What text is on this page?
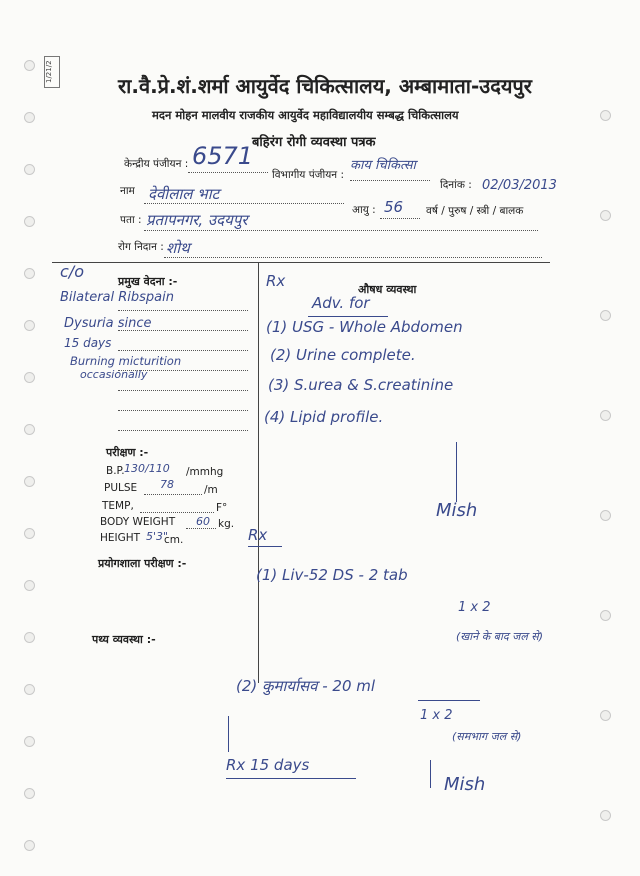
1/21/2
रा.वै.प्रे.शं.शर्मा आयुर्वेद चिकित्सालय, अम्बामाता-उदयपुर
मदन मोहन मालवीय राजकीय आयुर्वेद महाविद्यालयीय सम्बद्ध चिकित्सालय
बहिरंग रोगी व्यवस्था पत्रक
केन्द्रीय पंजीयन : 6571
विभागीय पंजीयन :
काय चिकित्सा
दिनांक : 02/03/2013
नाम देवीलाल भाट
आयु : 56 वर्ष / पुरुष / स्त्री / बालक
पता : प्रतापनगर, उदयपुर
रोग निदान : शोथ
c/o
प्रमुख वेदना :-
Bilateral Ribspain
Dysuria since
15 days
Burning micturition
occasionally
परीक्षण :-
B.P. 130/110 /mmhg
PULSE 78	/m
TEMP,	F°
BODY WEIGHT 60 kg.
HEIGHT 5'3"
cm.
प्रयोगशाला परीक्षण :-
पथ्य व्यवस्था :-
Rx	औषध व्यवस्था
Adv. for
(1) USG - Whole Abdomen
(2) Urine complete.
(3) S.urea & S.creatinine
(4) Lipid profile.
Mish
Rx
(1) Liv-52 DS - 2 tab
1 x 2
(खाने के बाद जल से)
(2) कुमार्यासव - 20 ml
1 x 2
(समभाग जल से)
Rx 15 days
Mish
